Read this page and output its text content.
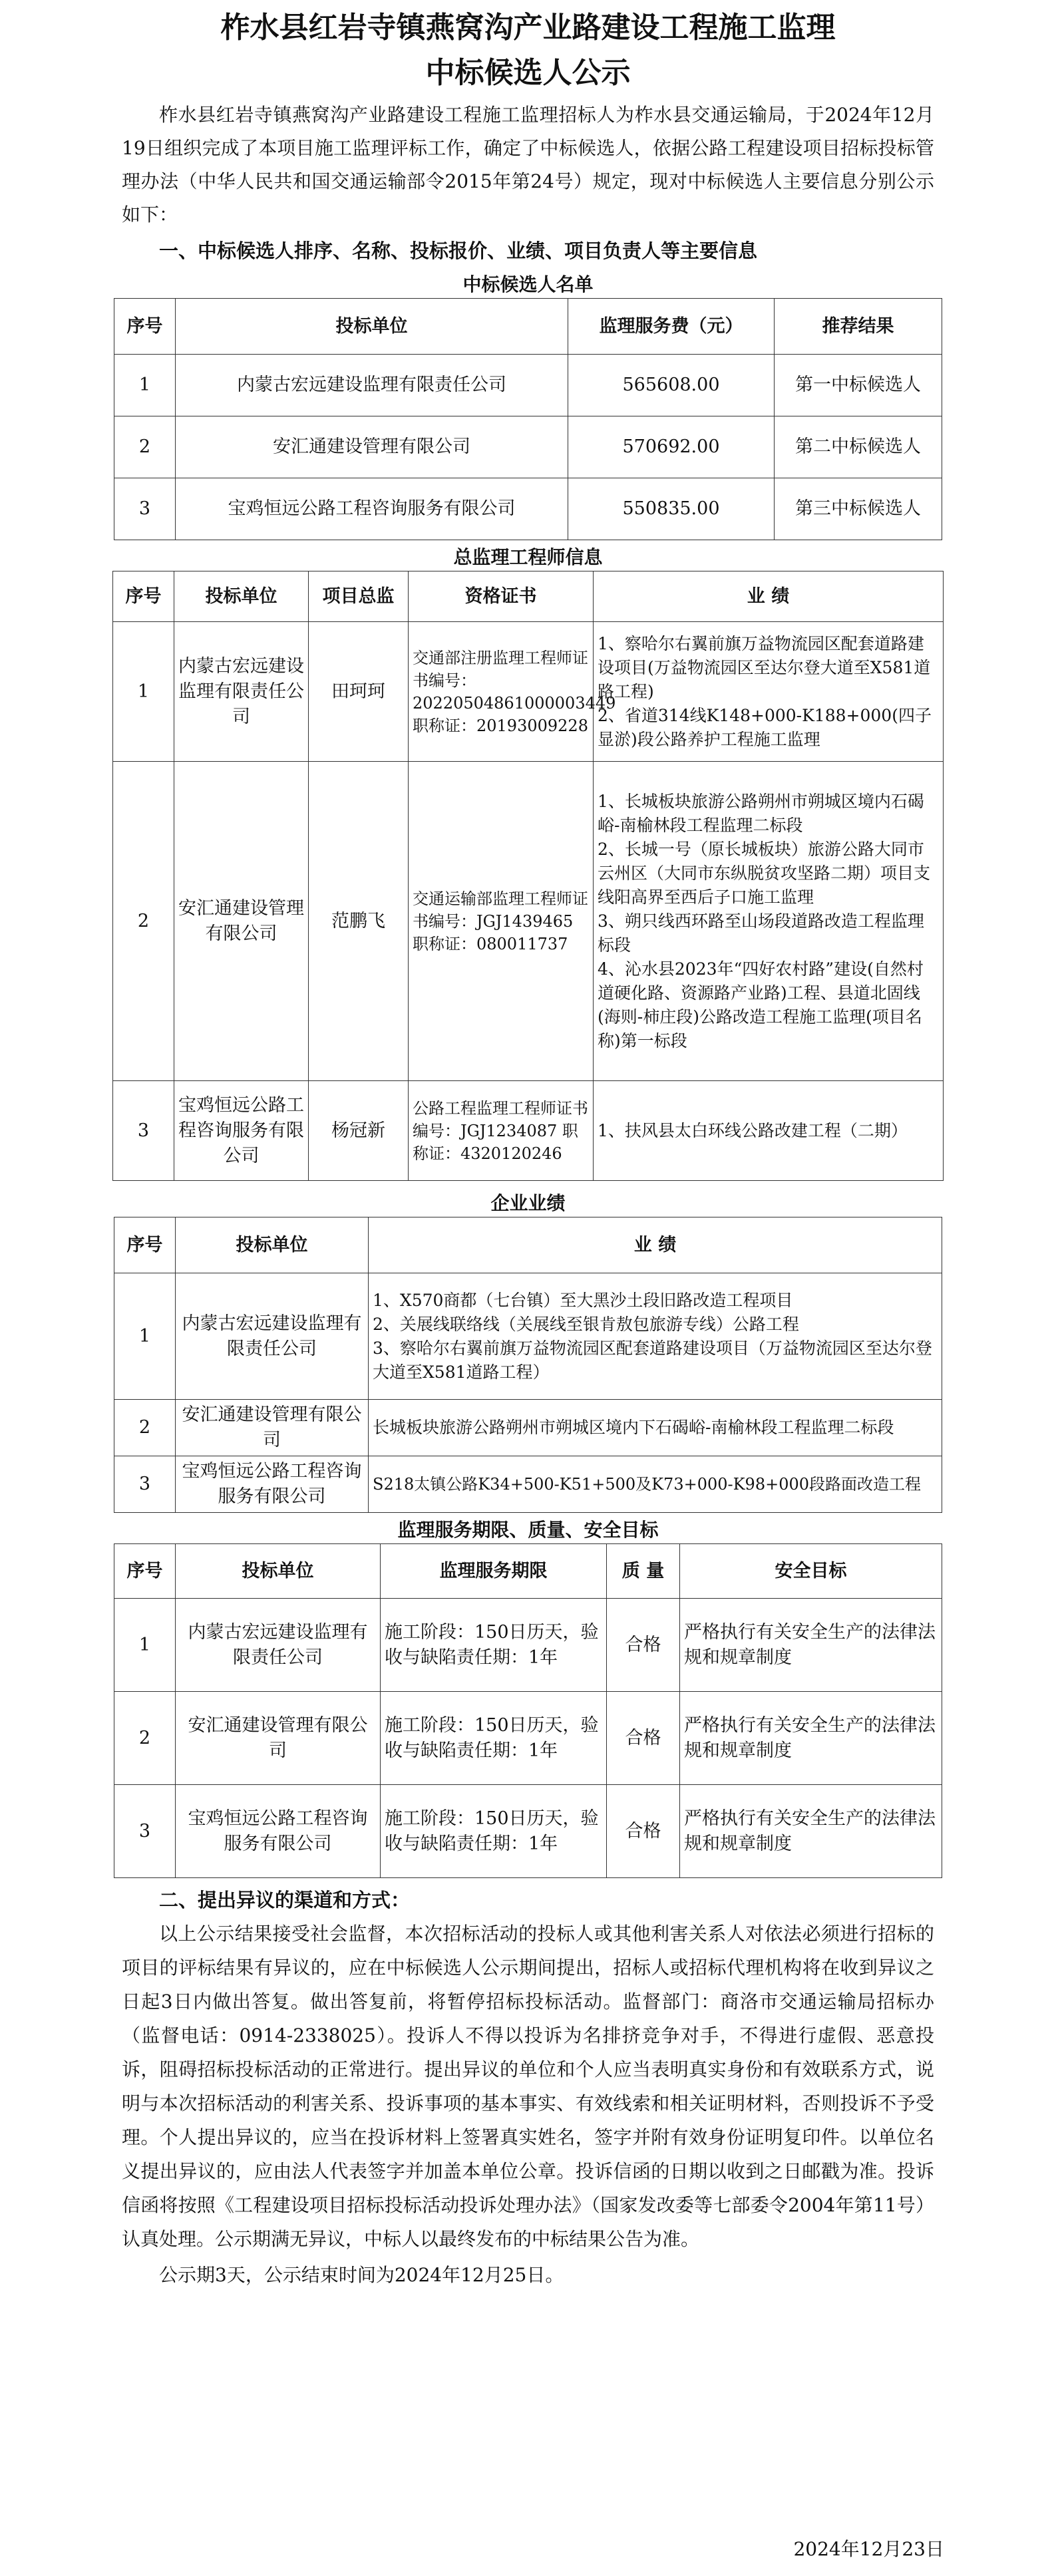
柞水县红岩寺镇燕窝沟产业路建设工程施工监理
中标候选人公示
柞水县红岩寺镇燕窝沟产业路建设工程施工监理招标人为柞水县交通运输局，于2024年12月19日组织完成了本项目施工监理评标工作，确定了中标候选人，依据公路工程建设项目招标投标管理办法（中华人民共和国交通运输部令2015年第24号）规定，现对中标候选人主要信息分别公示如下：
一、中标候选人排序、名称、投标报价、业绩、项目负责人等主要信息
中标候选人名单
序号	投标单位	监理服务费（元）	推荐结果
1	内蒙古宏远建设监理有限责任公司	565608.00	第一中标候选人
2	安汇通建设管理有限公司	570692.00	第二中标候选人
3	宝鸡恒远公路工程咨询服务有限公司	550835.00	第三中标候选人
总监理工程师信息
序号	投标单位	项目总监	资格证书	业 绩
1	内蒙古宏远建设监理有限责任公司	田珂珂	交通部注册监理工程师证书编号：20220504861000003449 职称证：20193009228	1、察哈尔右翼前旗万益物流园区配套道路建设项目(万益物流园区至达尔登大道至X581道路工程)
2、省道314线K148+000-K188+000(四子显淤)段公路养护工程施工监理
2	安汇通建设管理有限公司	范鹏飞	交通运输部监理工程师证书编号：JGJ1439465 职称证：080011737	1、长城板块旅游公路朔州市朔城区境内石碣峪-南榆林段工程监理二标段
2、长城一号（原长城板块）旅游公路大同市云州区（大同市东纵脱贫攻坚路二期）项目支线阳高界至西后子口施工监理
3、朔只线西环路至山场段道路改造工程监理标段
4、沁水县2023年“四好农村路”建设(自然村道硬化路、资源路产业路)工程、县道北固线(海则-柿庄段)公路改造工程施工监理(项目名称)第一标段
3	宝鸡恒远公路工程咨询服务有限公司	杨冠新	公路工程监理工程师证书编号：JGJ1234087 职称证：4320120246	1、扶风县太白环线公路改建工程（二期）
企业业绩
序号	投标单位	业 绩
1	内蒙古宏远建设监理有限责任公司	1、X570商都（七台镇）至大黑沙土段旧路改造工程项目
2、关展线联络线（关展线至银肯敖包旅游专线）公路工程
3、察哈尔右翼前旗万益物流园区配套道路建设项目（万益物流园区至达尔登大道至X581道路工程）
2	安汇通建设管理有限公司	长城板块旅游公路朔州市朔城区境内下石碣峪-南榆林段工程监理二标段
3	宝鸡恒远公路工程咨询服务有限公司	S218太镇公路K34+500-K51+500及K73+000-K98+000段路面改造工程
监理服务期限、质量、安全目标
序号	投标单位	监理服务期限	质 量	安全目标
1	内蒙古宏远建设监理有限责任公司	施工阶段：150日历天，验收与缺陷责任期：1年	合格	严格执行有关安全生产的法律法规和规章制度
2	安汇通建设管理有限公司	施工阶段：150日历天，验收与缺陷责任期：1年	合格	严格执行有关安全生产的法律法规和规章制度
3	宝鸡恒远公路工程咨询服务有限公司	施工阶段：150日历天，验收与缺陷责任期：1年	合格	严格执行有关安全生产的法律法规和规章制度
二、提出异议的渠道和方式：
以上公示结果接受社会监督，本次招标活动的投标人或其他利害关系人对依法必须进行招标的项目的评标结果有异议的，应在中标候选人公示期间提出，招标人或招标代理机构将在收到异议之日起3日内做出答复。做出答复前，将暂停招标投标活动。监督部门：商洛市交通运输局招标办（监督电话：0914-2338025）。投诉人不得以投诉为名排挤竞争对手，不得进行虚假、恶意投诉，阻碍招标投标活动的正常进行。提出异议的单位和个人应当表明真实身份和有效联系方式，说明与本次招标活动的利害关系、投诉事项的基本事实、有效线索和相关证明材料，否则投诉不予受理。个人提出异议的，应当在投诉材料上签署真实姓名，签字并附有效身份证明复印件。以单位名义提出异议的，应由法人代表签字并加盖本单位公章。投诉信函的日期以收到之日邮戳为准。投诉信函将按照《工程建设项目招标投标活动投诉处理办法》（国家发改委等七部委令2004年第11号）认真处理。公示期满无异议，中标人以最终发布的中标结果公告为准。
公示期3天，公示结束时间为2024年12月25日。
2024年12月23日
